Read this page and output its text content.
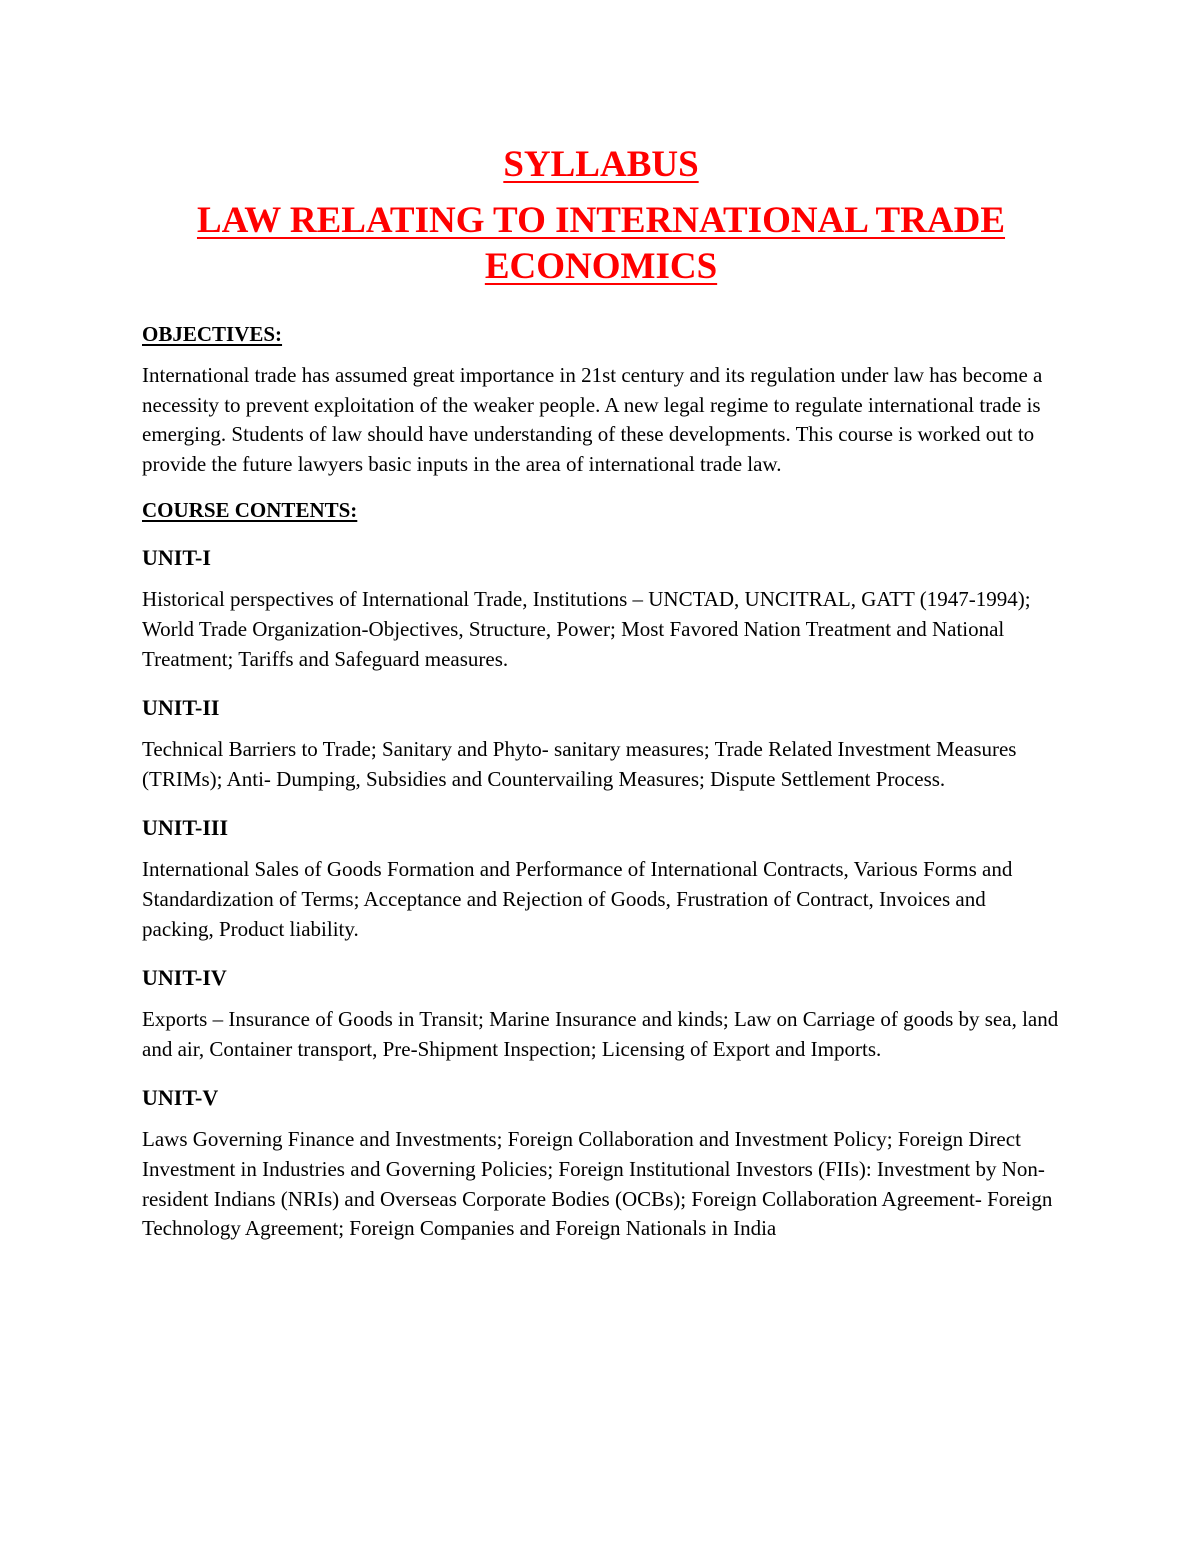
SYLLABUS
LAW RELATING TO INTERNATIONAL TRADE ECONOMICS
OBJECTIVES:

International trade has assumed great importance in 21st century and its regulation under law has become a necessity to prevent exploitation of the weaker people. A new legal regime to regulate international trade is emerging. Students of law should have understanding of these developments. This course is worked out to provide the future lawyers basic inputs in the area of international trade law.

COURSE CONTENTS:
UNIT-I

Historical perspectives of International Trade, Institutions – UNCTAD, UNCITRAL, GATT (1947-1994); World Trade Organization-Objectives, Structure, Power; Most Favored Nation Treatment and National Treatment; Tariffs and Safeguard measures.

UNIT-II

Technical Barriers to Trade; Sanitary and Phyto- sanitary measures; Trade Related Investment Measures (TRIMs); Anti- Dumping, Subsidies and Countervailing Measures; Dispute Settlement Process.

UNIT-III

International Sales of Goods Formation and Performance of International Contracts, Various Forms and Standardization of Terms; Acceptance and Rejection of Goods, Frustration of Contract, Invoices and packing, Product liability.

UNIT-IV

Exports – Insurance of Goods in Transit; Marine Insurance and kinds; Law on Carriage of goods by sea, land and air, Container transport, Pre-Shipment Inspection; Licensing of Export and Imports.

UNIT-V

Laws Governing Finance and Investments; Foreign Collaboration and Investment Policy; Foreign Direct Investment in Industries and Governing Policies; Foreign Institutional Investors (FIIs): Investment by Non-resident Indians (NRIs) and Overseas Corporate Bodies (OCBs); Foreign Collaboration Agreement- Foreign Technology Agreement; Foreign Companies and Foreign Nationals in India
